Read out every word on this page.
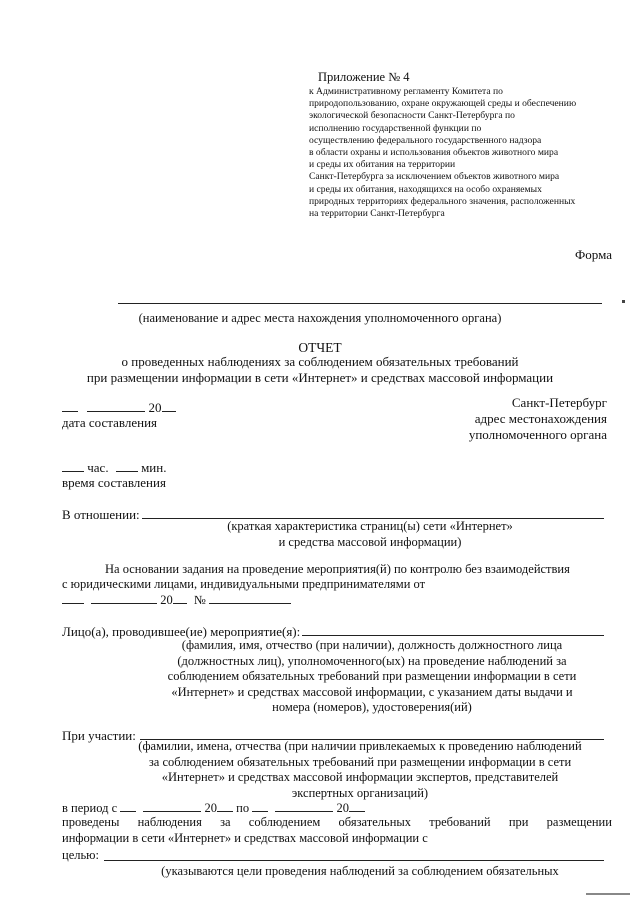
Приложение № 4
к Административному регламенту Комитета по
природопользованию, охране окружающей среды и обеспечению
экологической безопасности Санкт-Петербурга по
исполнению государственной функции по
осуществлению федерального государственного надзора
в области охраны и использования объектов животного мира
и среды их обитания на территории
Санкт-Петербурга за исключением объектов животного мира
и среды их обитания, находящихся на особо охраняемых
природных территориях федерального значения, расположенных
на территории Санкт-Петербурга
Форма
(наименование и адрес места нахождения уполномоченного органа)
ОТЧЕТ
о проведенных наблюдениях за соблюдением обязательных требований
при размещении информации в сети «Интернет» и средствах массовой информации
20
дата составления
Санкт-Петербург
адрес местонахождения
уполномоченного органа
час.	мин.
время составления
В отношении:
(краткая характеристика страниц(ы) сети «Интернет»
и средства массовой информации)
На основании задания на проведение мероприятия(й) по контролю без взаимодействия
с юридическими лицами, индивидуальными предпринимателями от
20 №
Лицо(а), проводившее(ие) мероприятие(я):
(фамилия, имя, отчество (при наличии), должность должностного лица
(должностных лиц), уполномоченного(ых) на проведение наблюдений за
соблюдением обязательных требований при размещении информации в сети
«Интернет» и средствах массовой информации, с указанием даты выдачи и
номера (номеров), удостоверения(ий)
При участии:
(фамилии, имена, отчества (при наличии привлекаемых к проведению наблюдений
за соблюдением обязательных требований при размещении информации в сети
«Интернет» и средствах массовой информации экспертов, представителей
экспертных организаций)
в период с	20 по	20
проведены наблюдения за соблюдением обязательных требований при размещении
информации в сети «Интернет» и средствах массовой информации с
целью:
(указываются цели проведения наблюдений за соблюдением обязательных
